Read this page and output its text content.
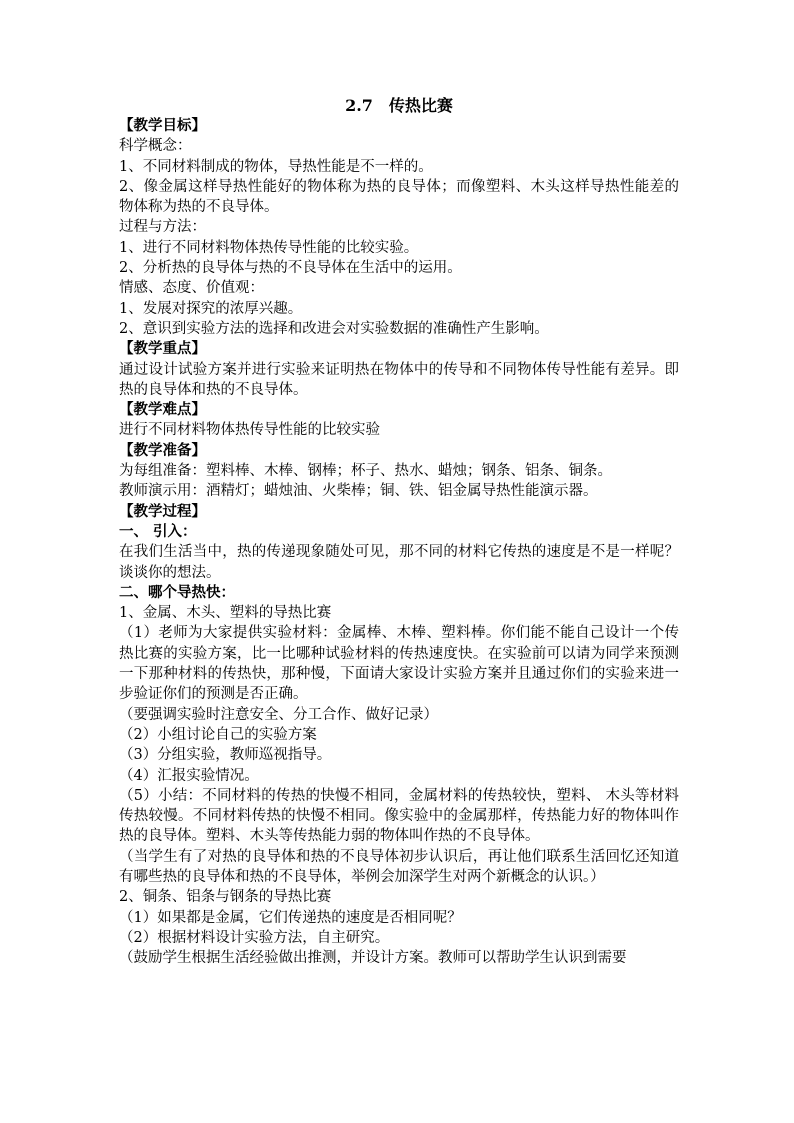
2.7　传热比赛
【教学目标】
科学概念：
1、不同材料制成的物体，导热性能是不一样的。
2、像金属这样导热性能好的物体称为热的良导体；而像塑料、木头这样导热性能差的物体称为热的不良导体。
过程与方法：
1、进行不同材料物体热传导性能的比较实验。
2、分析热的良导体与热的不良导体在生活中的运用。
情感、态度、价值观：
1、发展对探究的浓厚兴趣。
2、意识到实验方法的选择和改进会对实验数据的准确性产生影响。
【教学重点】
通过设计试验方案并进行实验来证明热在物体中的传导和不同物体传导性能有差异。即热的良导体和热的不良导体。
【教学难点】
进行不同材料物体热传导性能的比较实验
【教学准备】
为每组准备：塑料棒、木棒、钢棒；杯子、热水、蜡烛；钢条、铝条、铜条。
教师演示用：酒精灯；蜡烛油、火柴棒；铜、铁、铝金属导热性能演示器。
【教学过程】
一、 引入：
在我们生活当中，热的传递现象随处可见，那不同的材料它传热的速度是不是一样呢？谈谈你的想法。
二、哪个导热快：
1、金属、木头、塑料的导热比赛
（1）老师为大家提供实验材料：金属棒、木棒、塑料棒。你们能不能自己设计一个传热比赛的实验方案，比一比哪种试验材料的传热速度快。在实验前可以请为同学来预测一下那种材料的传热快，那种慢，下面请大家设计实验方案并且通过你们的实验来进一步验证你们的预测是否正确。
（要强调实验时注意安全、分工合作、做好记录）
（2）小组讨论自己的实验方案
（3）分组实验，教师巡视指导。
（4）汇报实验情况。
（5）小结：不同材料的传热的快慢不相同，金属材料的传热较快，塑料、 木头等材料传热较慢。不同材料传热的快慢不相同。像实验中的金属那样，传热能力好的物体叫作热的良导体。塑料、木头等传热能力弱的物体叫作热的不良导体。
（当学生有了对热的良导体和热的不良导体初步认识后，再让他们联系生活回忆还知道有哪些热的良导体和热的不良导体，举例会加深学生对两个新概念的认识。）
2、铜条、铝条与钢条的导热比赛
（1）如果都是金属，它们传递热的速度是否相同呢？
（2）根据材料设计实验方法，自主研究。
（鼓励学生根据生活经验做出推测，并设计方案。教师可以帮助学生认识到需要
